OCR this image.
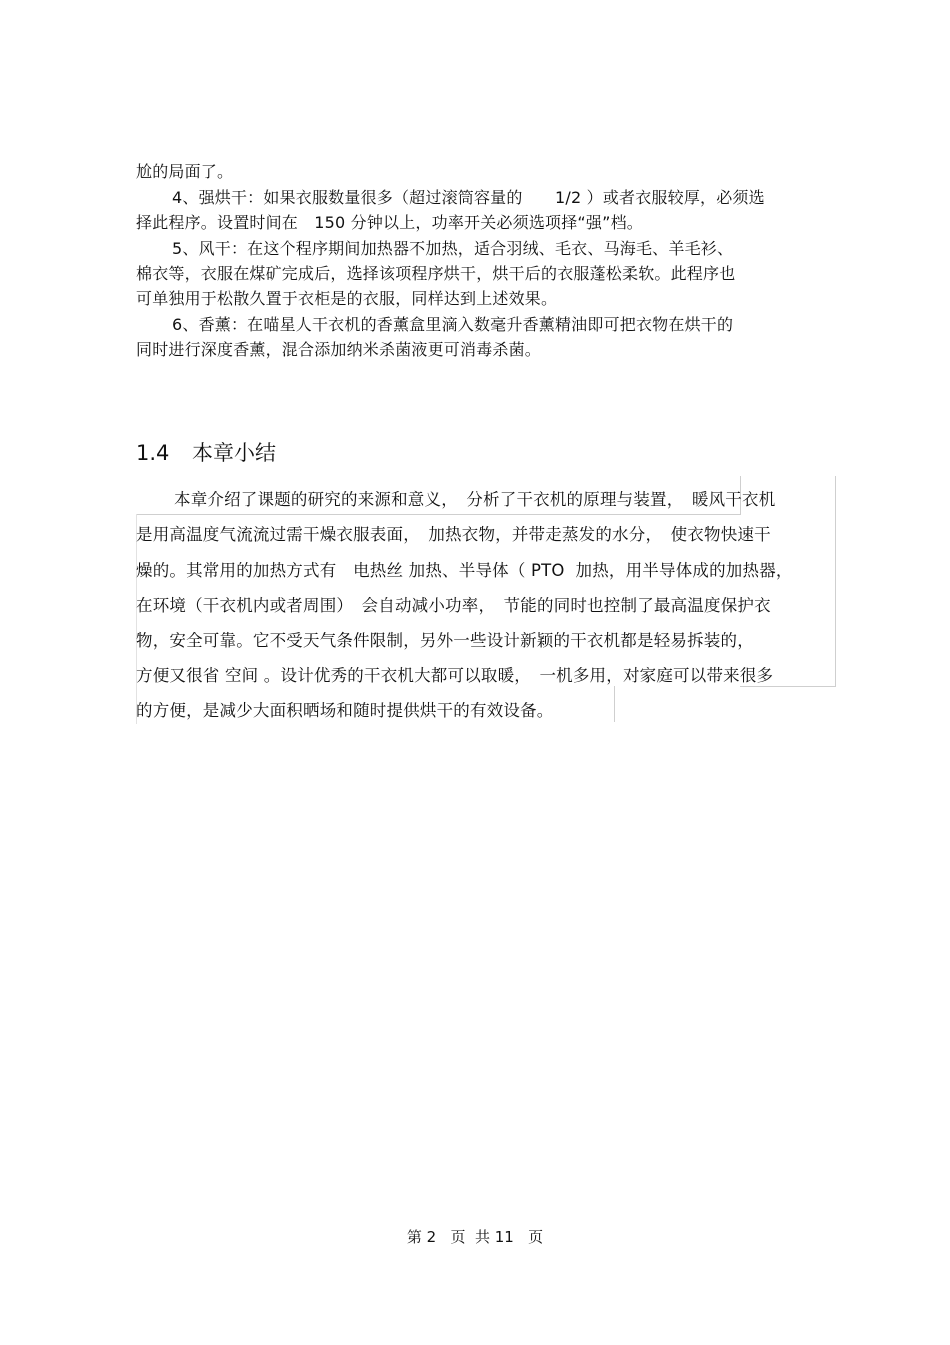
尬的局面了。
4、强烘干：如果衣服数量很多（超过滚筒容量的　　1/2 ）或者衣服较厚，必须选
择此程序。设置时间在　150 分钟以上，功率开关必须选项择“强”档。
5、风干：在这个程序期间加热器不加热，适合羽绒、毛衣、马海毛、羊毛衫、
棉衣等，衣服在煤矿完成后，选择该项程序烘干，烘干后的衣服蓬松柔软。此程序也
可单独用于松散久置于衣柜是的衣服，同样达到上述效果。
6、香薰：在喵星人干衣机的香薰盒里滴入数毫升香薰精油即可把衣物在烘干的
同时进行深度香薰，混合添加纳米杀菌液更可消毒杀菌。
1.4 本章小结
本章介绍了课题的研究的来源和意义，　分析了干衣机的原理与装置，　暖风干衣机
是用高温度气流流过需干燥衣服表面，　加热衣物，并带走蒸发的水分，　使衣物快速干
燥的。其常用的加热方式有　电热丝 加热、半导体（ PTO  加热，用半导体成的加热器，
在环境（干衣机内或者周围）　会自动减小功率，　节能的同时也控制了最高温度保护衣
物，安全可靠。它不受天气条件限制，另外一些设计新颖的干衣机都是轻易拆装的，
方便又很省 空间 。设计优秀的干衣机大都可以取暖，　一机多用，对家庭可以带来很多
的方便，是减少大面积晒场和随时提供烘干的有效设备。
第 2   页  共 11   页
